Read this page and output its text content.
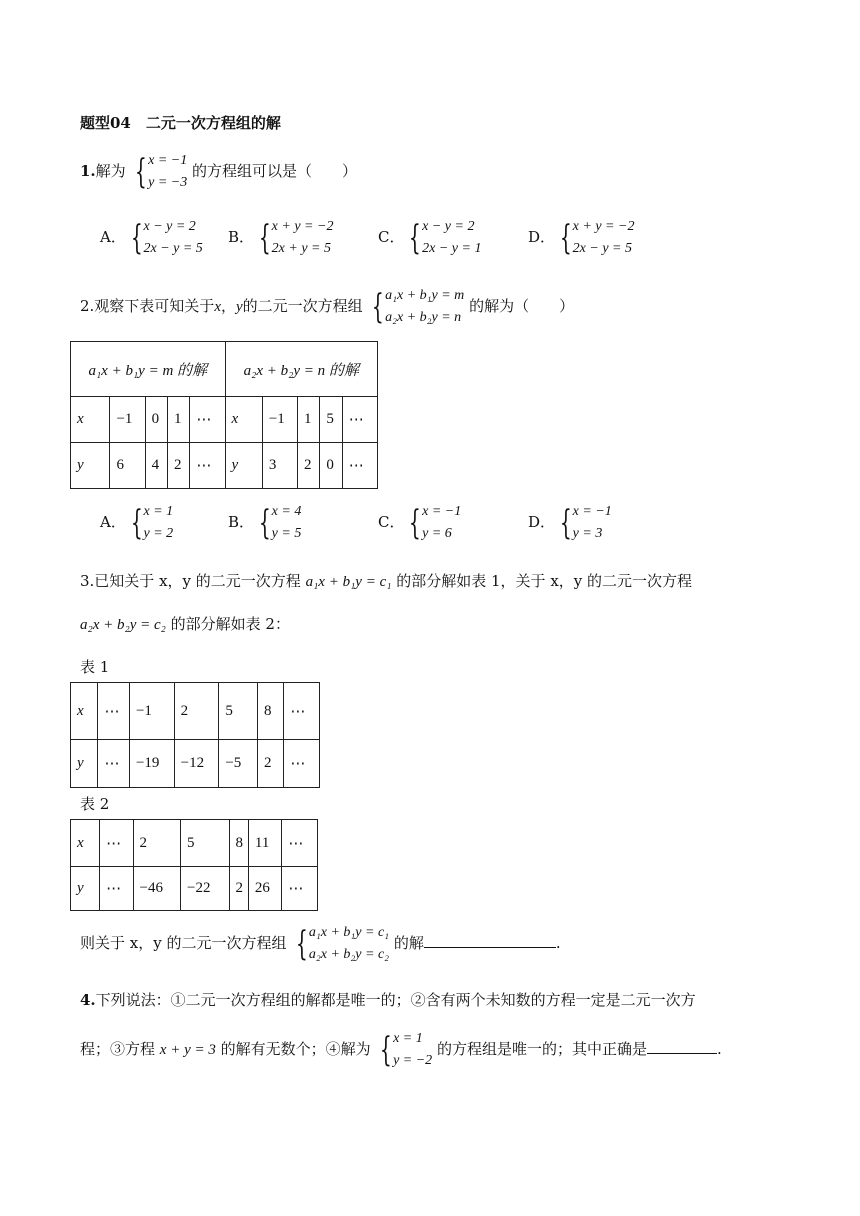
题型04　二元一次方程组的解
1.解为 { x = −1
y = −3
的方程组可以是（　　）
A． { x − y = 2
2x − y = 5
B． { x + y = −2
2x + y = 5
C． { x − y = 2
2x − y = 1
D． { x + y = −2
2x − y = 5
2.观察下表可知关于x，y的二元一次方程组 { a₁x + b₁y = m
a₂x + b₂y = n
的解为（　　）
a₁x + b₁y = m 的解					a₂x + b₂y = n 的解				
x	−1	0	1	⋯	x	−1	1	5	⋯
y	6	4	2	⋯	y	3	2	0	⋯
A． { x = 1
y = 2
B． { x = 4
y = 5
C． { x = −1
y = 6
D． { x = −1
y = 3
3.已知关于 x，y 的二元一次方程 a₁x + b₁y = c₁ 的部分解如表 1，关于 x，y 的二元一次方程
a₂x + b₂y = c₂ 的部分解如表 2：
表 1
x	⋯	−1	2	5	8	⋯
y	⋯	−19	−12	−5	2	⋯
表 2
x	⋯	2	5	8	11	⋯
y	⋯	−46	−22	2	26	⋯
则关于 x，y 的二元一次方程组 { a₁x + b₁y = c₁
a₂x + b₂y = c₂
的解	.
4.下列说法：①二元一次方程组的解都是唯一的；②含有两个未知数的方程一定是二元一次方
程；③方程 x + y = 3 的解有无数个；④解为 { x = 1
y = −2
的方程组是唯一的；其中正确是	.
